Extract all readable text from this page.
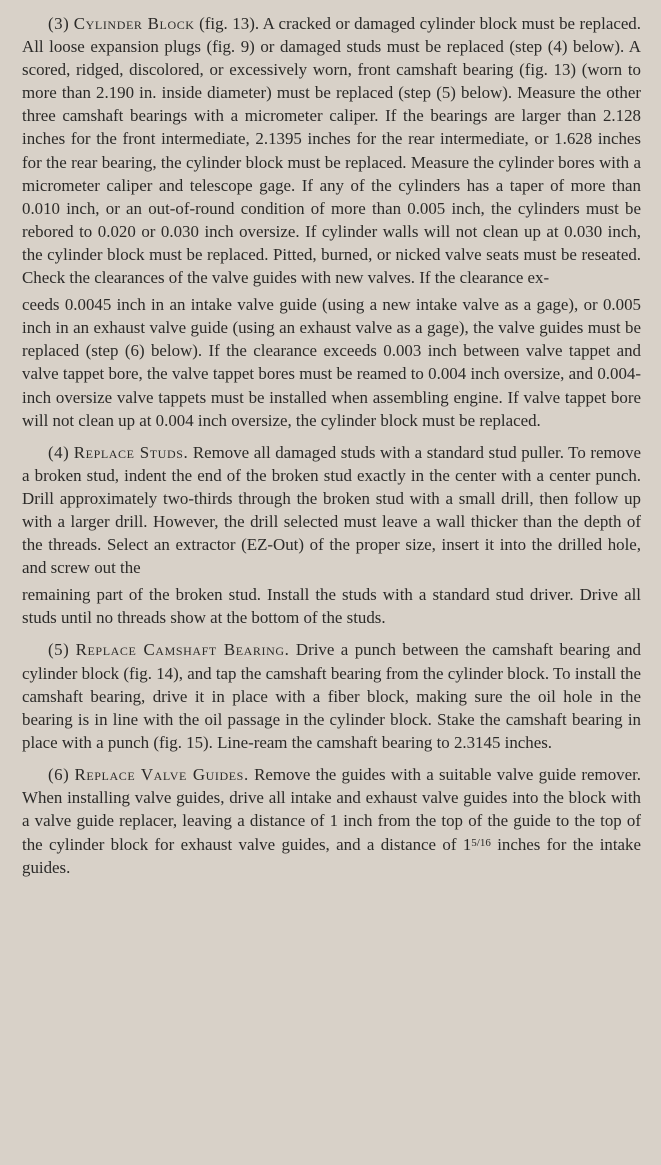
(3) Cylinder Block (fig. 13). A cracked or damaged cylinder block must be replaced. All loose expansion plugs (fig. 9) or damaged studs must be replaced (step (4) below). A scored, ridged, discolored, or excessively worn, front camshaft bearing (fig. 13) (worn to more than 2.190 in. inside diameter) must be replaced (step (5) below). Measure the other three camshaft bearings with a micrometer caliper. If the bearings are larger than 2.128 inches for the front intermediate, 2.1395 inches for the rear intermediate, or 1.628 inches for the rear bearing, the cylinder block must be replaced. Measure the cylinder bores with a micrometer caliper and telescope gage. If any of the cylinders has a taper of more than 0.010 inch, or an out-of-round condition of more than 0.005 inch, the cylinders must be rebored to 0.020 or 0.030 inch oversize. If cylinder walls will not clean up at 0.030 inch, the cylinder block must be replaced. Pitted, burned, or nicked valve seats must be reseated. Check the clearances of the valve guides with new valves. If the clearance ex-

ceeds 0.0045 inch in an intake valve guide (using a new intake valve as a gage), or 0.005 inch in an exhaust valve guide (using an exhaust valve as a gage), the valve guides must be replaced (step (6) below). If the clearance exceeds 0.003 inch between valve tappet and valve tappet bore, the valve tappet bores must be reamed to 0.004 inch oversize, and 0.004-inch oversize valve tappets must be installed when assembling engine. If valve tappet bore will not clean up at 0.004 inch oversize, the cylinder block must be replaced.

(4) Replace Studs. Remove all damaged studs with a standard stud puller. To remove a broken stud, indent the end of the broken stud exactly in the center with a center punch. Drill approximately two-thirds through the broken stud with a small drill, then follow up with a larger drill. However, the drill selected must leave a wall thicker than the depth of the threads. Select an extractor (EZ-Out) of the proper size, insert it into the drilled hole, and screw out the

remaining part of the broken stud. Install the studs with a standard stud driver. Drive all studs until no threads show at the bottom of the studs.

(5) Replace Camshaft Bearing. Drive a punch between the camshaft bearing and cylinder block (fig. 14), and tap the camshaft bearing from the cylinder block. To install the camshaft bearing, drive it in place with a fiber block, making sure the oil hole in the bearing is in line with the oil passage in the cylinder block. Stake the camshaft bearing in place with a punch (fig. 15). Line-ream the camshaft bearing to 2.3145 inches.

(6) Replace Valve Guides. Remove the guides with a suitable valve guide remover. When installing valve guides, drive all intake and exhaust valve guides into the block with a valve guide replacer, leaving a distance of 1 inch from the top of the guide to the top of the cylinder block for exhaust valve guides, and a distance of $1^{5/16}$ inches for the intake guides.
